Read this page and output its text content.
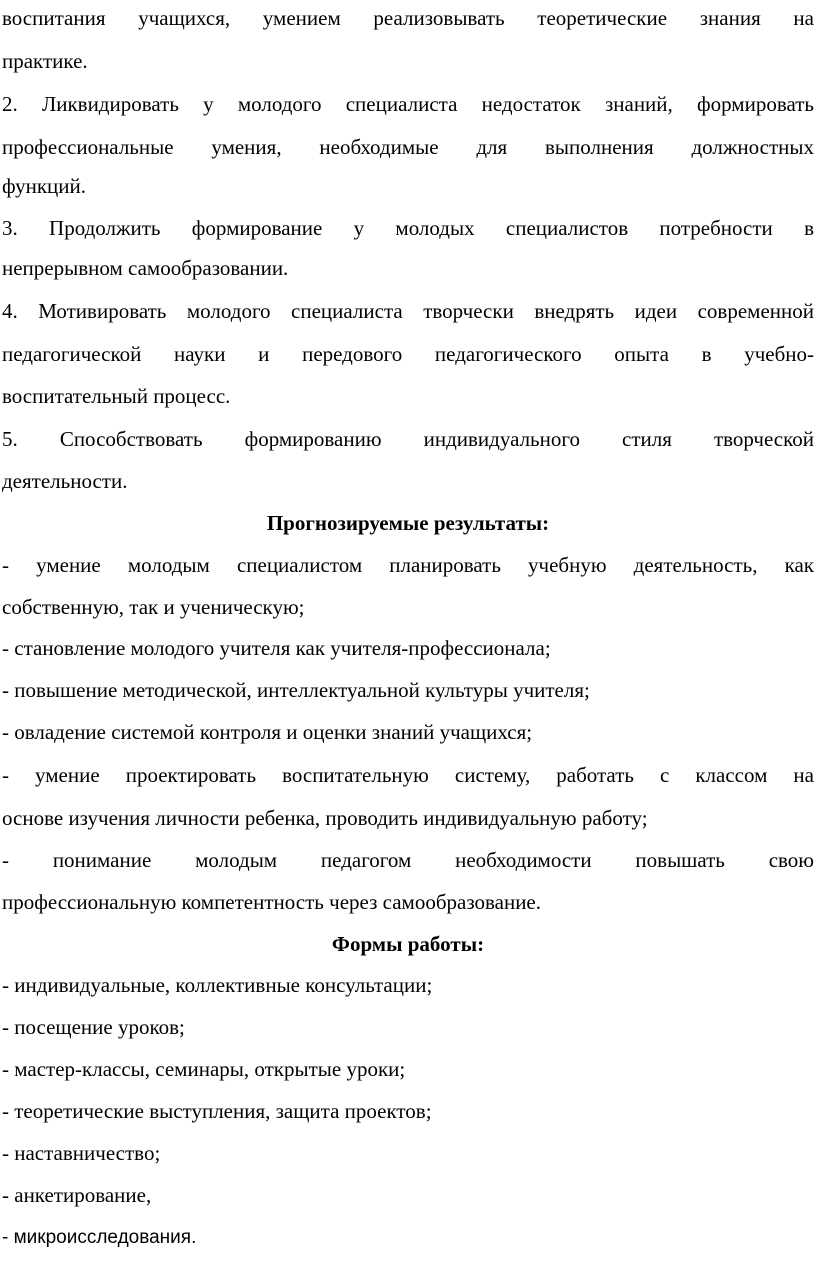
воспитания учащихся, умением реализовывать теоретические знания на
практике.
2. Ликвидировать у молодого специалиста недостаток знаний, формировать
профессиональные умения, необходимые для выполнения должностных
функций.
3. Продолжить формирование у молодых специалистов потребности в
непрерывном самообразовании.
4. Мотивировать молодого специалиста творчески внедрять идеи современной
педагогической науки и передового педагогического опыта в учебно-
воспитательный процесс.
5. Способствовать формированию индивидуального стиля творческой
деятельности.
Прогнозируемые результаты:
- умение молодым специалистом планировать учебную деятельность, как
собственную, так и ученическую;
- становление молодого учителя как учителя-профессионала;
- повышение методической, интеллектуальной культуры учителя;
- овладение системой контроля и оценки знаний учащихся;
- умение проектировать воспитательную систему, работать с классом на
основе изучения личности ребенка, проводить индивидуальную работу;
- понимание молодым педагогом необходимости повышать свою
профессиональную компетентность через самообразование.
Формы работы:
- индивидуальные, коллективные консультации;
- посещение уроков;
- мастер-классы, семинары, открытые уроки;
- теоретические выступления, защита проектов;
- наставничество;
- анкетирование,
- микроисследования.
